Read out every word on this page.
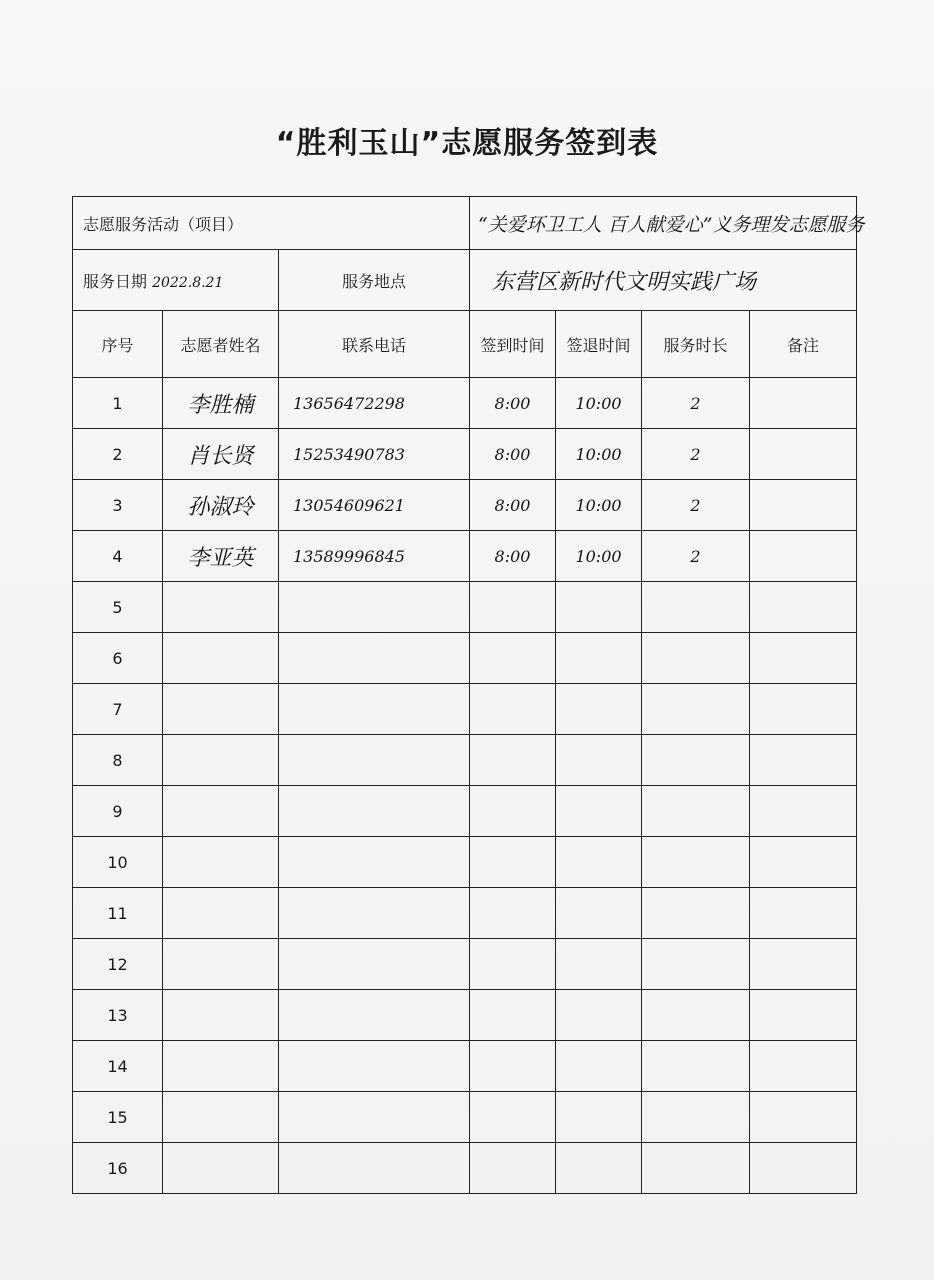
“胜利玉山”志愿服务签到表
志愿服务活动（项目）			“关爱环卫工人 百人献爱心”义务理发志愿服务			
服务日期 2022.8.21		服务地点	东营区新时代文明实践广场			
序号	志愿者姓名	联系电话	签到时间	签退时间	服务时长	备注
1	李胜楠	13656472298	8:00	10:00	2	
2	肖长贤	15253490783	8:00	10:00	2	
3	孙淑玲	13054609621	8:00	10:00	2	
4	李亚英	13589996845	8:00	10:00	2	
5						
6						
7						
8						
9						
10						
11						
12						
13						
14						
15						
16						
